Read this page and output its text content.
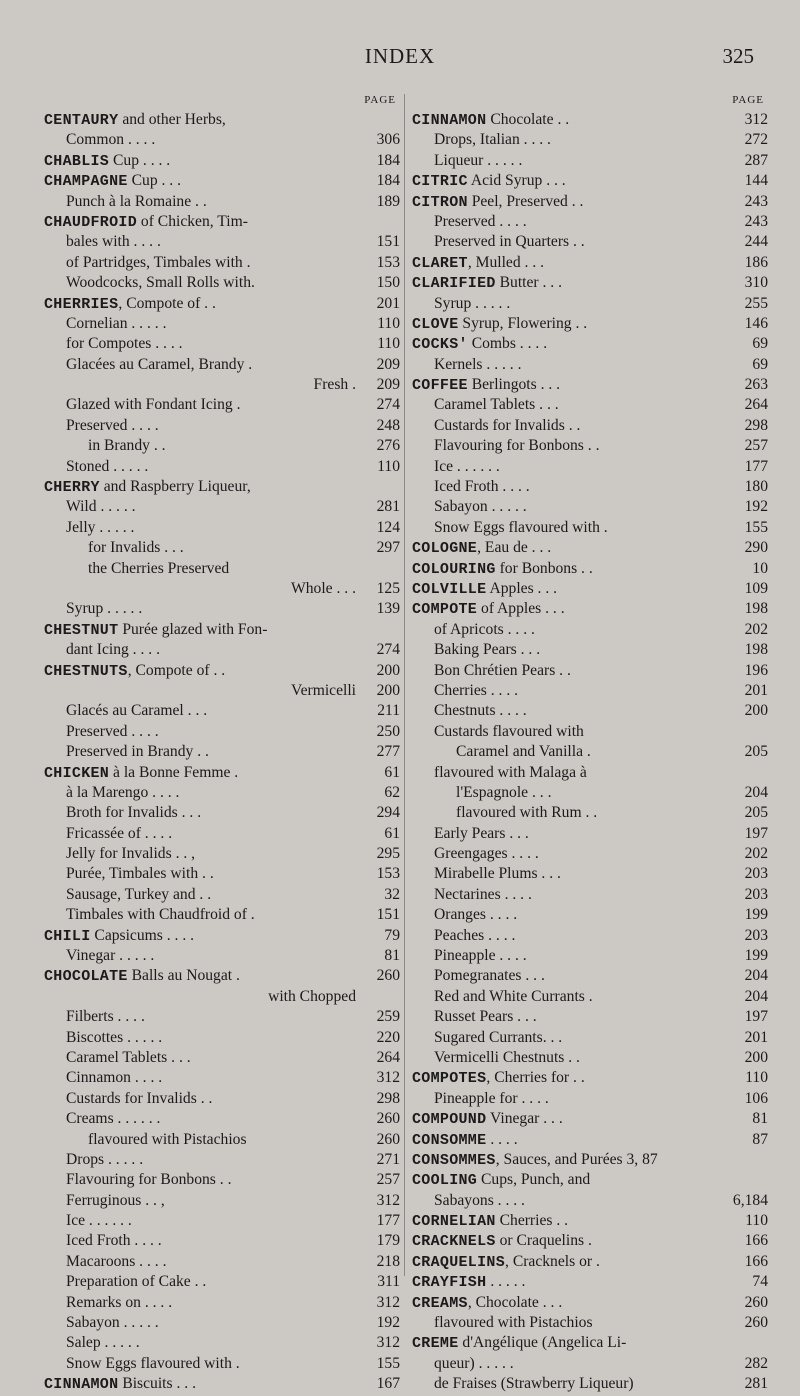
INDEX	325
PAGE
CENTAURY and other Herbs,
Common . . . .	306
CHABLIS Cup . . . .	184
CHAMPAGNE Cup . . .	184
Punch à la Romaine . .	189
CHAUDFROID of Chicken, Tim-
bales with . . . .	151
of Partridges, Timbales with .	153
Woodcocks, Small Rolls with.	150
CHERRIES, Compote of . .	201
Cornelian . . . . .	110
for Compotes . . . .	110
Glacées au Caramel, Brandy .	209
Fresh . 209
Glazed with Fondant Icing .	274
Preserved . . . .	248
in Brandy . .	276
Stoned . . . . .	110
CHERRY and Raspberry Liqueur,
Wild . . . . .	281
Jelly . . . . .	124
for Invalids . . .	297
the Cherries Preserved
Whole . . . 125
Syrup . . . . .	139
CHESTNUT Purée glazed with Fon-
dant Icing . . . .	274
CHESTNUTS, Compote of . .	200
Vermicelli 200
Glacés au Caramel . . .	211
Preserved . . . .	250
Preserved in Brandy . .	277
CHICKEN à la Bonne Femme .	61
à la Marengo . . . .	62
Broth for Invalids . . .	294
Fricassée of . . . .	61
Jelly for Invalids . . ,	295
Purée, Timbales with . .	153
Sausage, Turkey and . .	32
Timbales with Chaudfroid of .	151
CHILI Capsicums . . . .	79
Vinegar . . . . .	81
CHOCOLATE Balls au Nougat .	260
with Chopped
Filberts . . . .	259
Biscottes . . . . .	220
Caramel Tablets . . .	264
Cinnamon . . . .	312
Custards for Invalids . .	298
Creams . . . . . .	260
flavoured with Pistachios	260
Drops . . . . .	271
Flavouring for Bonbons . .	257
Ferruginous . . ,	312
Ice . . . . . .	177
Iced Froth . . . .	179
Macaroons . . . .	218
Preparation of Cake . .	311
Remarks on . . . .	312
Sabayon . . . . .	192
Salep . . . . .	312
Snow Eggs flavoured with .	155
CINNAMON Biscuits . . .	167
PAGE
CINNAMON Chocolate . .	312
Drops, Italian . . . .	272
Liqueur . . . . .	287
CITRIC Acid Syrup . . .	144
CITRON Peel, Preserved . .	243
Preserved . . . .	243
Preserved in Quarters . .	244
CLARET, Mulled . . .	186
CLARIFIED Butter . . .	310
Syrup . . . . .	255
CLOVE Syrup, Flowering . .	146
COCKS' Combs . . . .	69
Kernels . . . . .	69
COFFEE Berlingots . . .	263
Caramel Tablets . . .	264
Custards for Invalids . .	298
Flavouring for Bonbons . .	257
Ice . . . . . .	177
Iced Froth . . . .	180
Sabayon . . . . .	192
Snow Eggs flavoured with .	155
COLOGNE, Eau de . . .	290
COLOURING for Bonbons . .	10
COLVILLE Apples . . .	109
COMPOTE of Apples . . .	198
of Apricots . . . .	202
Baking Pears . . .	198
Bon Chrétien Pears . .	196
Cherries . . . .	201
Chestnuts . . . .	200
Custards flavoured with
Caramel and Vanilla .	205
flavoured with Malaga à
l'Espagnole . . .	204
flavoured with Rum . .	205
Early Pears . . .	197
Greengages . . . .	202
Mirabelle Plums . . .	203
Nectarines . . . .	203
Oranges . . . .	199
Peaches . . . .	203
Pineapple . . . .	199
Pomegranates . . .	204
Red and White Currants .	204
Russet Pears . . .	197
Sugared Currants. . .	201
Vermicelli Chestnuts . .	200
COMPOTES, Cherries for . .	110
Pineapple for . . . .	106
COMPOUND Vinegar . . .	81
CONSOMME . . . .	87
CONSOMMES, Sauces, and Purées 3, 87
COOLING Cups, Punch, and
Sabayons . . . .	6,184
CORNELIAN Cherries . .	110
CRACKNELS or Craquelins .	166
CRAQUELINS, Cracknels or .	166
CRAYFISH . . . . .	74
CREAMS, Chocolate . . .	260
flavoured with Pistachios	260
CREME d'Angélique (Angelica Li-
queur) . . . . .	282
de Fraises (Strawberry Liqueur)	281
